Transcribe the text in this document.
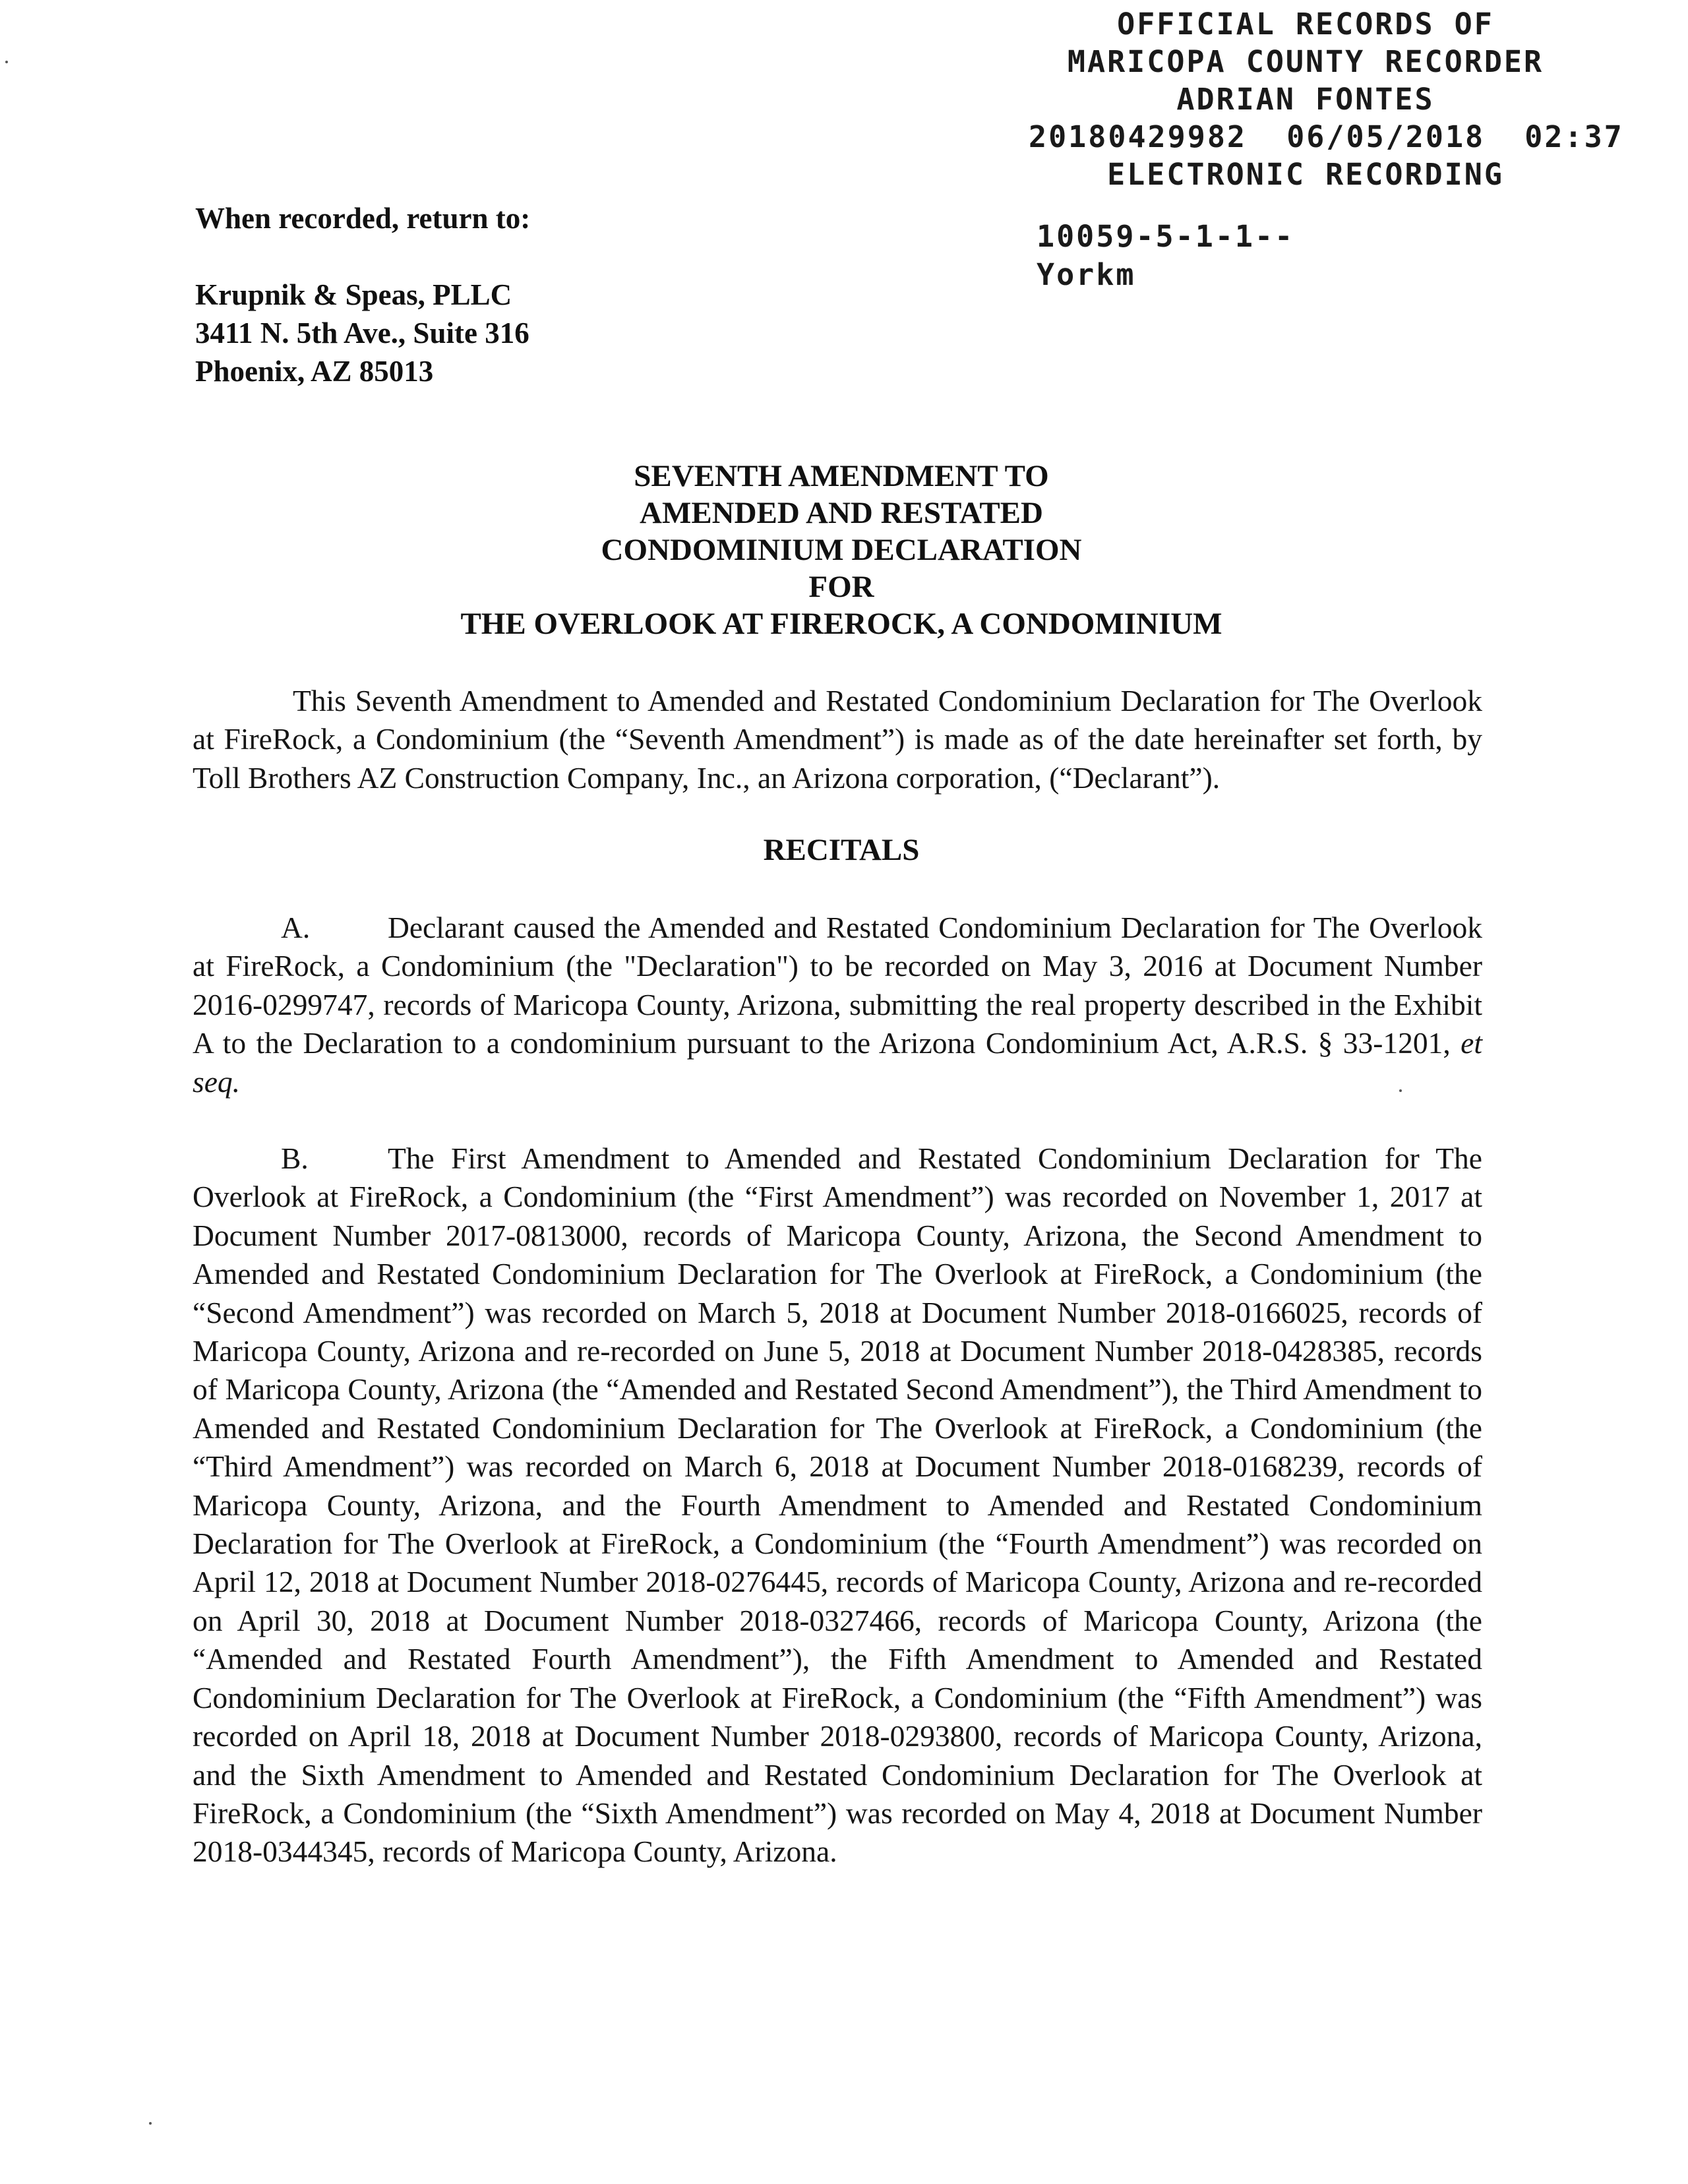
OFFICIAL RECORDS OF
MARICOPA COUNTY RECORDER
ADRIAN FONTES
20180429982  06/05/2018  02:37
ELECTRONIC RECORDING
10059-5-1-1--
Yorkm
When recorded, return to:
Krupnik & Speas, PLLC
3411 N. 5th Ave., Suite 316
Phoenix, AZ 85013
SEVENTH AMENDMENT TO
AMENDED AND RESTATED
CONDOMINIUM DECLARATION
FOR
THE OVERLOOK AT FIREROCK, A CONDOMINIUM

This Seventh Amendment to Amended and Restated Condominium Declaration for The Overlook at FireRock, a Condominium (the “Seventh Amendment”) is made as of the date hereinafter set forth, by Toll Brothers AZ Construction Company, Inc., an Arizona corporation, (“Declarant”).

RECITALS

A.	Declarant caused the Amended and Restated Condominium Declaration for The Overlook at FireRock, a Condominium (the "Declaration") to be recorded on May 3, 2016 at Document Number 2016-0299747, records of Maricopa County, Arizona, submitting the real property described in the Exhibit A to the Declaration to a condominium pursuant to the Arizona Condominium Act, A.R.S. § 33-1201, et seq.

B.	The First Amendment to Amended and Restated Condominium Declaration for The Overlook at FireRock, a Condominium (the “First Amendment”) was recorded on November 1, 2017 at Document Number 2017-0813000, records of Maricopa County, Arizona, the Second Amendment to Amended and Restated Condominium Declaration for The Overlook at FireRock, a Condominium (the “Second Amendment”) was recorded on March 5, 2018 at Document Number 2018-0166025, records of Maricopa County, Arizona and re-recorded on June 5, 2018 at Document Number 2018-0428385, records of Maricopa County, Arizona (the “Amended and Restated Second Amendment”), the Third Amendment to Amended and Restated Condominium Declaration for The Overlook at FireRock, a Condominium (the “Third Amendment”) was recorded on March 6, 2018 at Document Number 2018-0168239, records of Maricopa County, Arizona, and the Fourth Amendment to Amended and Restated Condominium Declaration for The Overlook at FireRock, a Condominium (the “Fourth Amendment”) was recorded on April 12, 2018 at Document Number 2018-0276445, records of Maricopa County, Arizona and re-recorded on April 30, 2018 at Document Number 2018-0327466, records of Maricopa County, Arizona (the “Amended and Restated Fourth Amendment”), the Fifth Amendment to Amended and Restated Condominium Declaration for The Overlook at FireRock, a Condominium (the “Fifth Amendment”) was recorded on April 18, 2018 at Document Number 2018-0293800, records of Maricopa County, Arizona, and the Sixth Amendment to Amended and Restated Condominium Declaration for The Overlook at FireRock, a Condominium (the “Sixth Amendment”) was recorded on May 4, 2018 at Document Number 2018-0344345, records of Maricopa County, Arizona.
